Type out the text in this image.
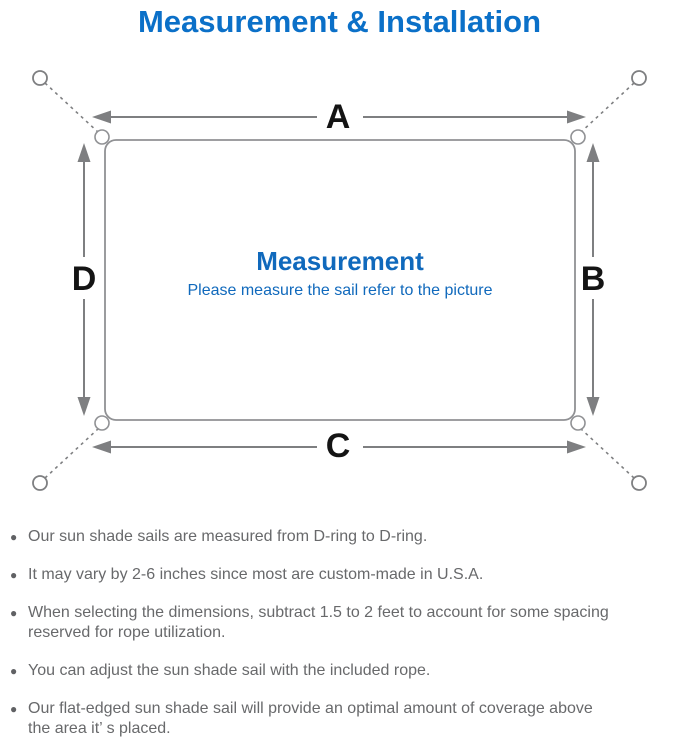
Measurement & Installation
A
C
D	B
Measurement
Please measure the sail refer to the picture
● Our sun shade sails are measured from D-ring to D-ring.
● It may vary by 2-6 inches since most are custom-made in U.S.A.
● When selecting the dimensions, subtract 1.5 to 2 feet to account for some spacing
reserved for rope utilization.
● You can adjust the sun shade sail with the included rope.
● Our flat-edged sun shade sail will provide an optimal amount of coverage above
the area it’ s placed.
